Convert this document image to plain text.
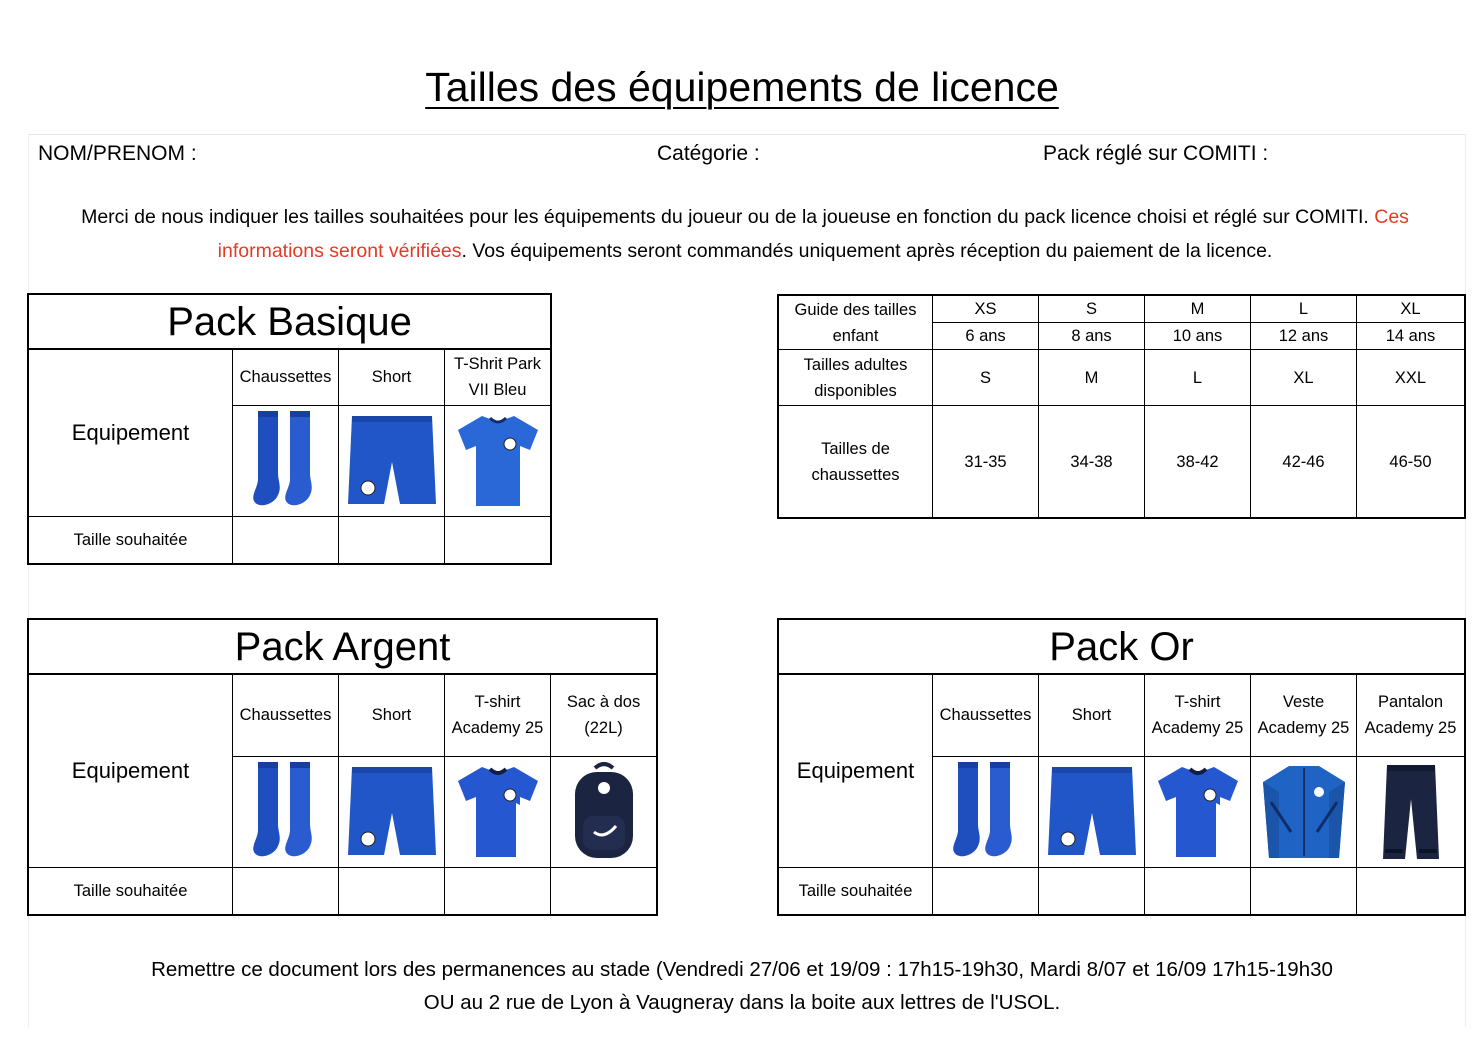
Tailles des équipements de licence
NOM/PRENOM :	Catégorie :	Pack réglé sur COMITI :
Merci de nous indiquer les tailles souhaitées pour les équipements du joueur ou de la joueuse en fonction du pack licence choisi et réglé sur COMITI. Ces informations seront vérifiées. Vos équipements seront commandés uniquement après réception du paiement de la licence.
Pack Basique			
Equipement	Chaussettes	Short	T-Shrit Park VII Bleu

Taille souhaitée			
Guide des tailles enfant	XS	S	M	L	XL
	6 ans	8 ans	10 ans	12 ans	14 ans
Tailles adultes disponibles	S	M	L	XL	XXL
Tailles de chaussettes	31-35	34-38	38-42	42-46	46-50
Pack Argent				
Equipement	Chaussettes	Short	T-shirt Academy 25	Sac à dos (22L)

Taille souhaitée				
Pack Or					
Equipement	Chaussettes	Short	T-shirt Academy 25	Veste Academy 25	Pantalon Academy 25

Taille souhaitée					
Remettre ce document lors des permanences au stade (Vendredi 27/06 et 19/09 : 17h15-19h30, Mardi 8/07 et 16/09 17h15-19h30
OU au 2 rue de Lyon à Vaugneray dans la boite aux lettres de l'USOL.
